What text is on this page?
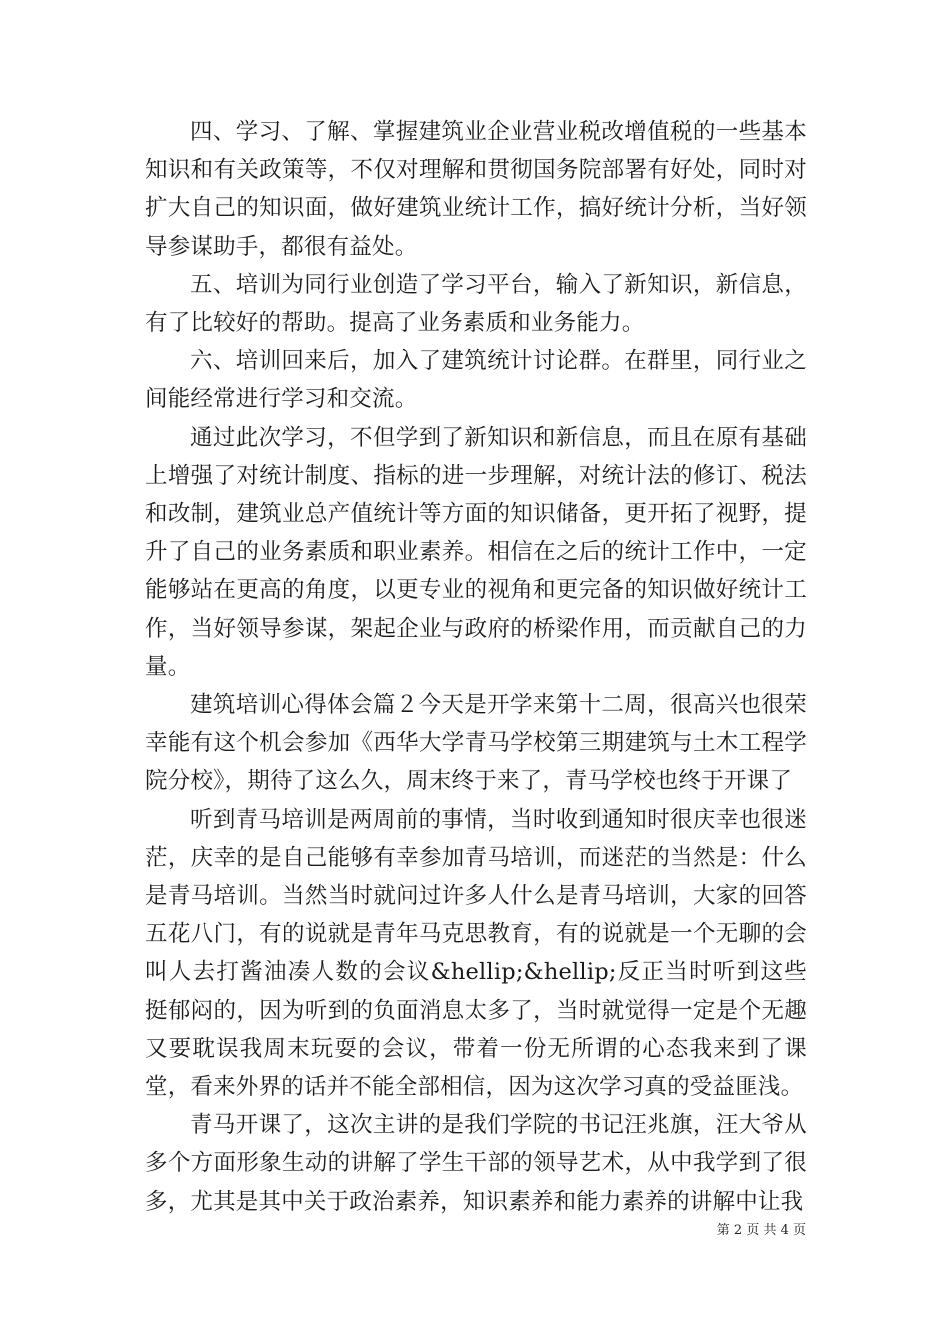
四、学习、了解、掌握建筑业企业营业税改增值税的一些基本知识和有关政策等，不仅对理解和贯彻国务院部署有好处，同时对扩大自己的知识面，做好建筑业统计工作，搞好统计分析，当好领导参谋助手，都很有益处。

五、培训为同行业创造了学习平台，输入了新知识，新信息，有了比较好的帮助。提高了业务素质和业务能力。

六、培训回来后，加入了建筑统计讨论群。在群里，同行业之间能经常进行学习和交流。

通过此次学习，不但学到了新知识和新信息，而且在原有基础上增强了对统计制度、指标的进一步理解，对统计法的修订、税法和改制，建筑业总产值统计等方面的知识储备，更开拓了视野，提升了自己的业务素质和职业素养。相信在之后的统计工作中，一定能够站在更高的角度，以更专业的视角和更完备的知识做好统计工作，当好领导参谋，架起企业与政府的桥梁作用，而贡献自己的力量。

建筑培训心得体会篇２今天是开学来第十二周，很高兴也很荣幸能有这个机会参加《西华大学青马学校第三期建筑与土木工程学院分校》，期待了这么久，周末终于来了，青马学校也终于开课了

听到青马培训是两周前的事情，当时收到通知时很庆幸也很迷茫，庆幸的是自己能够有幸参加青马培训，而迷茫的当然是：什么是青马培训。当然当时就问过许多人什么是青马培训，大家的回答五花八门，有的说就是青年马克思教育，有的说就是一个无聊的会叫人去打酱油凑人数的会议&hellip;&hellip;反正当时听到这些挺郁闷的，因为听到的负面消息太多了，当时就觉得一定是个无趣又要耽误我周末玩耍的会议，带着一份无所谓的心态我来到了课堂，看来外界的话并不能全部相信，因为这次学习真的受益匪浅。

青马开课了，这次主讲的是我们学院的书记汪兆旗，汪大爷从多个方面形象生动的讲解了学生干部的领导艺术，从中我学到了很多，尤其是其中关于政治素养，知识素养和能力素养的讲解中让我

第 2 页 共 4 页
